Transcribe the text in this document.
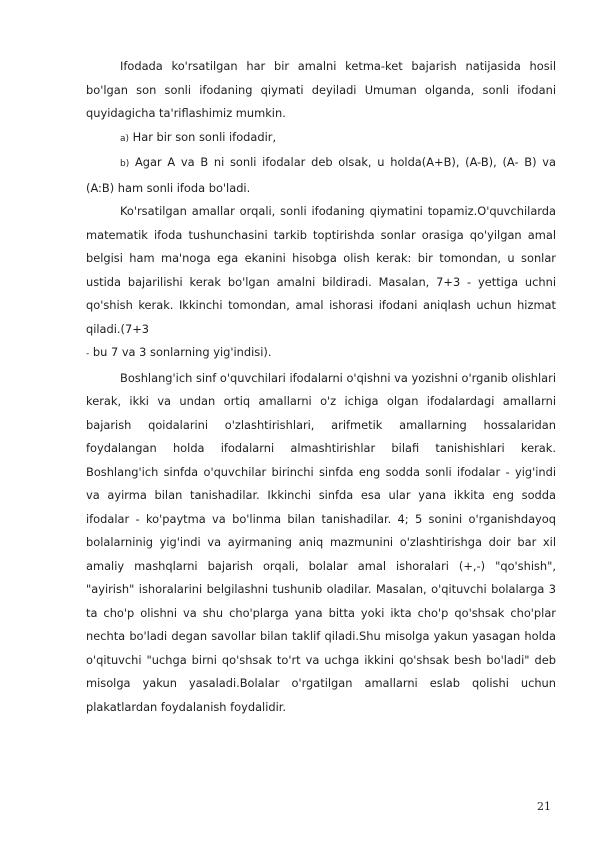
Ifodada ko'rsatilgan har bir amalni ketma-ket bajarish natijasida hosil bo'lgan son sonli ifodaning qiymati deyiladi Umuman olganda, sonli ifodani quyidagicha ta'riflashimiz mumkin.

a) Har bir son sonli ifodadir,

b) Agar A va B ni sonli ifodalar deb olsak, u holda(A+B), (A-B), (A- B) va (A:B) ham sonli ifoda bo'ladi.

Ko'rsatilgan amallar orqali, sonli ifodaning qiymatini topamiz.O'quvchilarda matematik ifoda tushunchasini tarkib toptirishda sonlar orasiga qo'yilgan amal belgisi ham ma'noga ega ekanini hisobga olish kerak: bir tomondan, u sonlar ustida bajarilishi kerak bo'lgan amalni bildiradi. Masalan, 7+3 - yettiga uchni qo'shish kerak. Ikkinchi tomondan, amal ishorasi ifodani aniqlash uchun hizmat qiladi.(7+3

- bu 7 va 3 sonlarning yig'indisi).

Boshlang'ich sinf o'quvchilari ifodalarni o'qishni va yozishni o'rganib olishlari kerak, ikki va undan ortiq amallarni o'z ichiga olgan ifodalardagi amallarni bajarish qoidalarini o'zlashtirishlari, arifmetik amallarning hossalaridan foydalangan holda ifodalarni almashtirishlar bilafi tanishishlari kerak. Boshlang'ich sinfda o'quvchilar birinchi sinfda eng sodda sonli ifodalar - yig'indi va ayirma bilan tanishadilar. Ikkinchi sinfda esa ular yana ikkita eng sodda ifodalar - ko'paytma va bo'linma bilan tanishadilar. 4; 5 sonini o'rganishdayoq bolalarninig yig'indi va ayirmaning aniq mazmunini o'zlashtirishga doir bar xil amaliy mashqlarni bajarish orqali, bolalar amal ishoralari (+,-) "qo'shish", "ayirish" ishoralarini belgilashni tushunib oladilar. Masalan, o'qituvchi bolalarga 3 ta cho'p olishni va shu cho'plarga yana bitta yoki ikta cho'p qo'shsak cho'plar nechta bo'ladi degan savollar bilan taklif qiladi.Shu misolga yakun yasagan holda o'qituvchi "uchga birni qo'shsak to'rt va uchga ikkini qo'shsak besh bo'ladi" deb misolga yakun yasaladi.Bolalar o'rgatilgan amallarni eslab qolishi uchun plakatlardan foydalanish foydalidir.

21
